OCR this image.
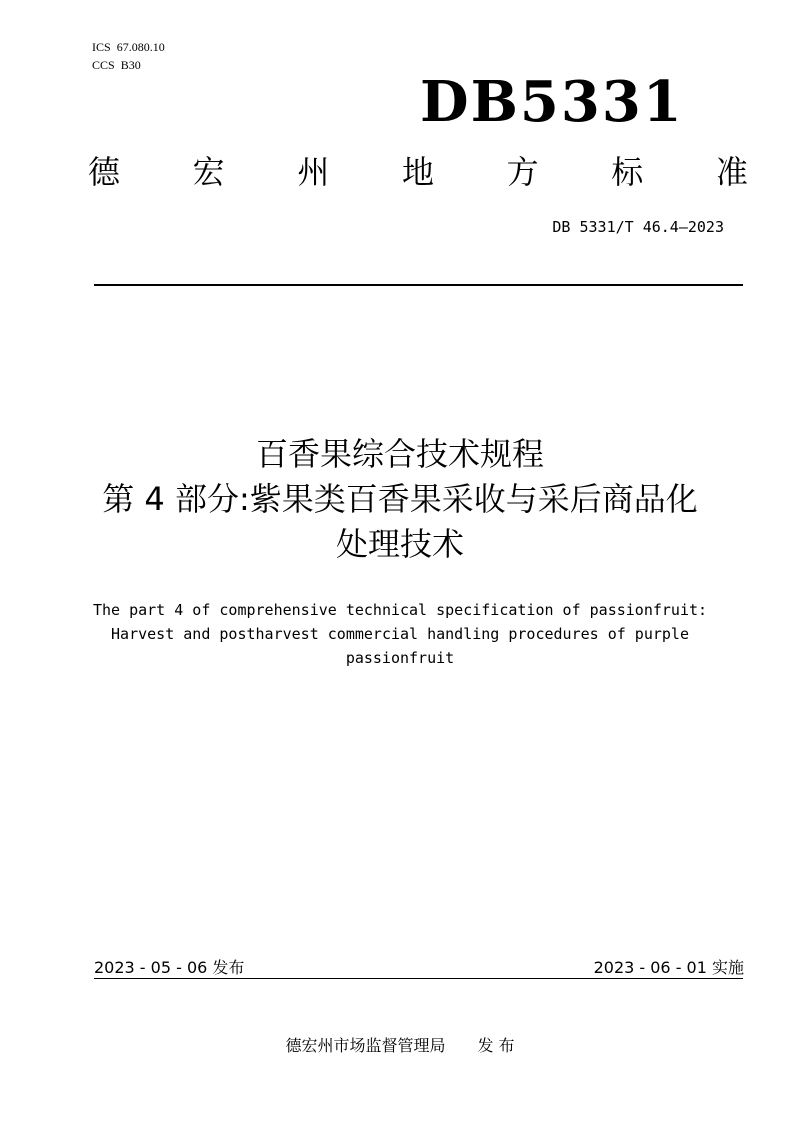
ICS 67.080.10
CCS B30
DB5331
德 宏 州 地 方 标 准
DB 5331/T 46.4—2023
百香果综合技术规程
第 4 部分:紫果类百香果采收与采后商品化
处理技术
The part 4 of comprehensive technical specification of passionfruit:
Harvest and postharvest commercial handling procedures of purple
passionfruit
2023 - 05 - 06 发布	2023 - 06 - 01 实施
德宏州市场监督管理局 发 布
